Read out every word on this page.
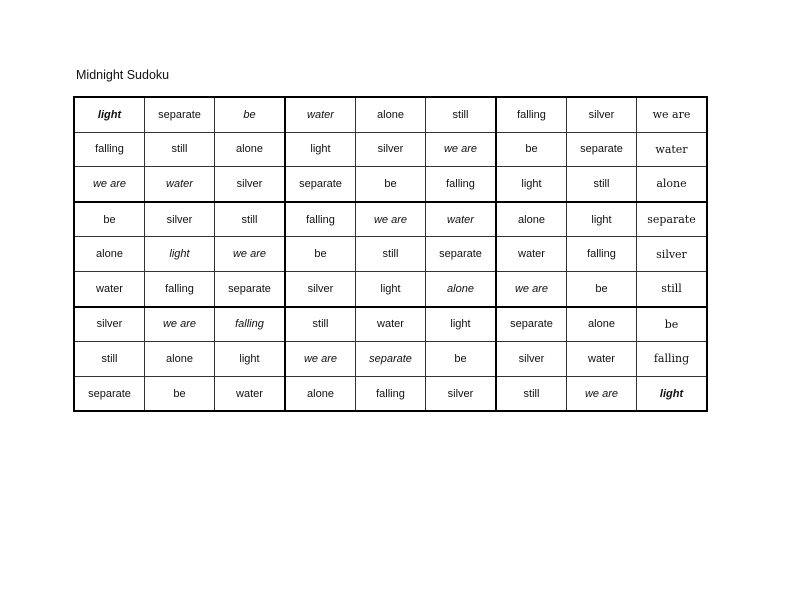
Midnight Sudoku
light	separate	be	water	alone	still	falling	silver	we are
falling	still	alone	light	silver	we are	be	separate	water
we are	water	silver	separate	be	falling	light	still	alone
be	silver	still	falling	we are	water	alone	light	separate
alone	light	we are	be	still	separate	water	falling	silver
water	falling	separate	silver	light	alone	we are	be	still
silver	we are	falling	still	water	light	separate	alone	be
still	alone	light	we are	separate	be	silver	water	falling
separate	be	water	alone	falling	silver	still	we are	light
